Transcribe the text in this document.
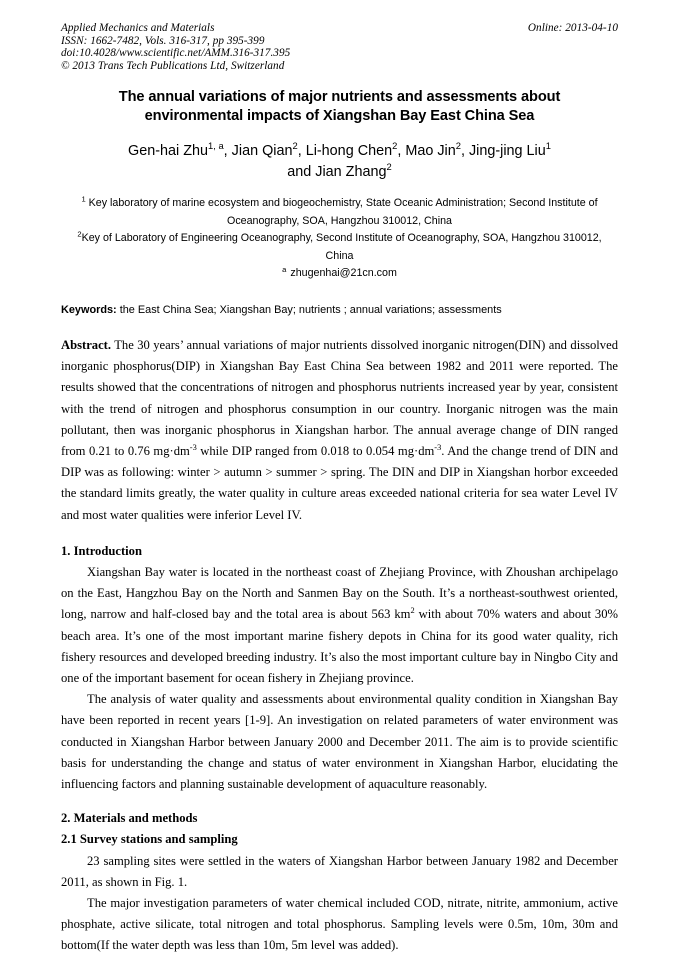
Applied Mechanics and Materials
ISSN: 1662-7482, Vols. 316-317, pp 395-399
doi:10.4028/www.scientific.net/AMM.316-317.395
© 2013 Trans Tech Publications Ltd, Switzerland
Online: 2013-04-10
The annual variations of major nutrients and assessments about environmental impacts of Xiangshan Bay East China Sea
Gen-hai Zhu$^{1, a}$, Jian Qian$^2$, Li-hong Chen$^2$, Mao Jin$^2$, Jing-jing Liu$^1$
and Jian Zhang$^2$
$^1$ Key laboratory of marine ecosystem and biogeochemistry, State Oceanic Administration; Second Institute of Oceanography, SOA, Hangzhou 310012, China
$^2$Key of Laboratory of Engineering Oceanography, Second Institute of Oceanography, SOA, Hangzhou 310012, China
$^a$ zhugenhai@21cn.com
Keywords: the East China Sea; Xiangshan Bay; nutrients ; annual variations; assessments

Abstract. The 30 years’ annual variations of major nutrients dissolved inorganic nitrogen(DIN) and dissolved inorganic phosphorus(DIP) in Xiangshan Bay East China Sea between 1982 and 2011 were reported. The results showed that the concentrations of nitrogen and phosphorus nutrients increased year by year, consistent with the trend of nitrogen and phosphorus consumption in our country. Inorganic nitrogen was the main pollutant, then was inorganic phosphorus in Xiangshan harbor. The annual average change of DIN ranged from 0.21 to 0.76 $mg\cdot dm^{-3}$ while DIP ranged from 0.018 to 0.054 $mg\cdot dm^{-3}$. And the change trend of DIN and DIP was as following: winter > autumn > summer > spring. The DIN and DIP in Xiangshan horbor exceeded the standard limits greatly, the water quality in culture areas exceeded national criteria for sea water Level IV and most water qualities were inferior Level IV.

1. Introduction

Xiangshan Bay water is located in the northeast coast of Zhejiang Province, with Zhoushan archipelago on the East, Hangzhou Bay on the North and Sanmen Bay on the South. It’s a northeast-southwest oriented, long, narrow and half-closed bay and the total area is about 563 $km^2$ with about 70% waters and about 30% beach area. It’s one of the most important marine fishery depots in China for its good water quality, rich fishery resources and developed breeding industry. It’s also the most important culture bay in Ningbo City and one of the important basement for ocean fishery in Zhejiang province.

The analysis of water quality and assessments about environmental quality condition in Xiangshan Bay have been reported in recent years [1-9]. An investigation on related parameters of water environment was conducted in Xiangshan Harbor between January 2000 and December 2011. The aim is to provide scientific basis for understanding the change and status of water environment in Xiangshan Harbor, elucidating the influencing factors and planning sustainable development of aquaculture reasonably.

2. Materials and methods
2.1 Survey stations and sampling

23 sampling sites were settled in the waters of Xiangshan Harbor between January 1982 and December 2011, as shown in Fig. 1.

The major investigation parameters of water chemical included COD, nitrate, nitrite, ammonium, active phosphate, active silicate, total nitrogen and total phosphorus. Sampling levels were 0.5m, 10m, 30m and bottom(If the water depth was less than 10m, 5m level was added).
